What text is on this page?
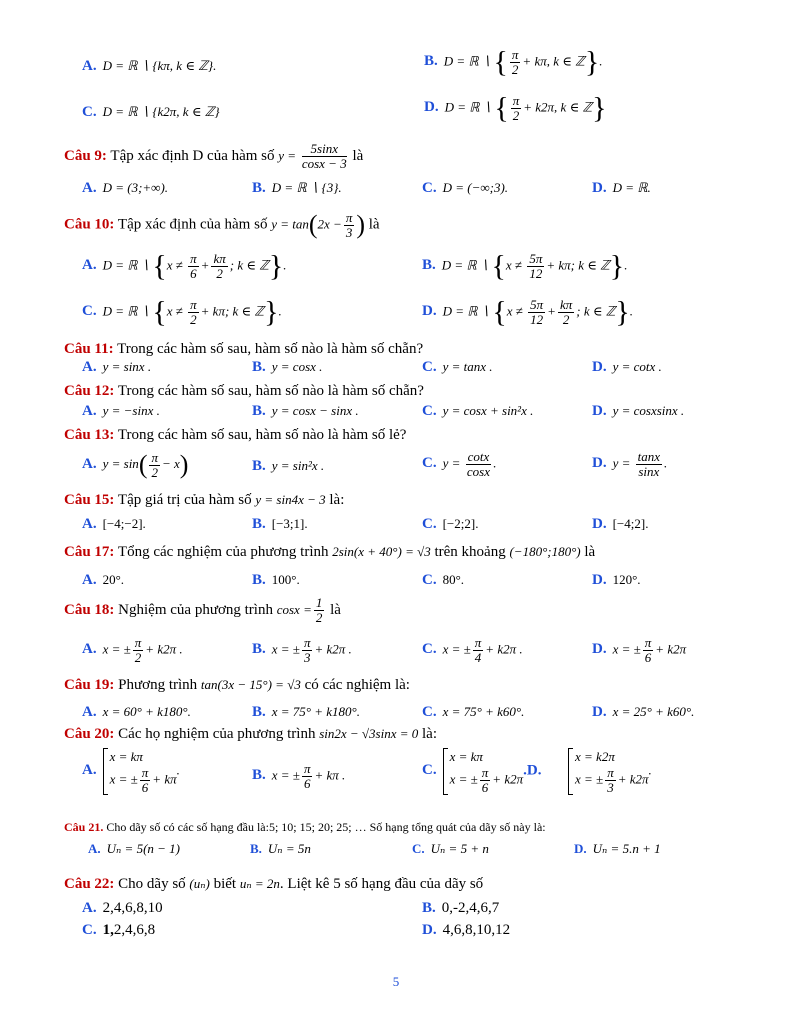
A. D = ℝ ∖ {kπ, k ∈ ℤ}.	B. D = ℝ ∖ { $\frac{\pi}{2} + k\pi$, k ∈ ℤ}.
C. D = ℝ ∖ {k2π, k ∈ ℤ}	D. D = ℝ ∖ { $\frac{\pi}{2} + k2\pi$, k ∈ ℤ}
Câu 9: Tập xác định D của hàm số $y = \frac{5\sin x}{\cos x - 3}$ là
A. D = (3;+∞).	B. D = ℝ ∖ {3}.	C. D = (−∞;3).	D. D = ℝ.
Câu 10: Tập xác định của hàm số $y = \tan(2x - \frac{\pi}{3}$ ) là
A. D = ℝ ∖ {$x \ne \frac{\pi}{6} + \frac{k\pi}{2}$ ; k ∈ ℤ}.	B. D = ℝ ∖ {$x \ne \frac{5\pi}{12} + k\pi$; k ∈ ℤ}.
C. D = ℝ ∖ {$x \ne \frac{\pi}{2} + k\pi$; k ∈ ℤ}.	D. D = ℝ ∖ {$x \ne \frac{5\pi}{12} + \frac{k\pi}{2}$ ; k ∈ ℤ}.
Câu 11: Trong các hàm số sau, hàm số nào là hàm số chẵn?
A. y = sinx .	B. y = cosx .	C. y = tanx .	D. y = cotx .
Câu 12: Trong các hàm số sau, hàm số nào là hàm số chẵn?
A. y = −sinx .	B. y = cosx − sinx .	C. y = cosx + sin²x .	D. y = cosxsinx .
Câu 13: Trong các hàm số sau, hàm số nào là hàm số lẻ?
A. $y = \sin( \frac{\pi}{2} - x)$	B. y = sin²x .	C. $y = \frac{\cot x}{\cos x}$ .	D. $y = \frac{\tan x}{\sin x}$ .
Câu 15: Tập giá trị của hàm số y = sin4x − 3 là:
A. [−4;−2].	B. [−3;1].	C. [−2;2].	D. [−4;2].
Câu 17: Tổng các nghiệm của phương trình 2sin(x + 40°) = √3 trên khoảng (−180°;180°) là
A. 20°.	B. 100°.	C. 80°.	D. 120°.
Câu 18: Nghiệm của phương trình $\cos x = \frac{1}{2}$ là
A. x = ± $\frac{\pi}{2} + k2\pi$ .	B. x = ± $\frac{\pi}{3} + k2\pi$ .	C. x = ± $\frac{\pi}{4} + k2\pi$ .	D. x = ± $\frac{\pi}{6} + k2\pi$
Câu 19: Phương trình tan(3x − 15°) = √3 có các nghiệm là:
A. x = 60° + k180°.	B. x = 75° + k180°.	C. x = 75° + k60°.	D. x = 25° + k60°.
Câu 20: Các họ nghiệm của phương trình sin2x − √3sinx = 0 là:
A.
x = kπ
x = ± $\frac{\pi}{6} + k\pi$
.	B. x = ± $\frac{\pi}{6} + k\pi$ .	C.
x = kπ
x = ± $\frac{\pi}{6} + k2\pi$
.D.
x = k2π
x = ± $\frac{\pi}{3} + k2\pi$
.
Câu 21. Cho dãy số có các số hạng đầu là:5; 10; 15; 20; 25; … Số hạng tổng quát của dãy số này là:
A. Uₙ = 5(n − 1)	B. Uₙ = 5n	C. Uₙ = 5 + n	D. Uₙ = 5.n + 1
Câu 22: Cho dãy số (uₙ) biết uₙ = 2n. Liệt kê 5 số hạng đầu của dãy số
A. 2,4,6,8,10	B. 0,-2,4,6,7
C. 1,2,4,6,8	D. 4,6,8,10,12
5
